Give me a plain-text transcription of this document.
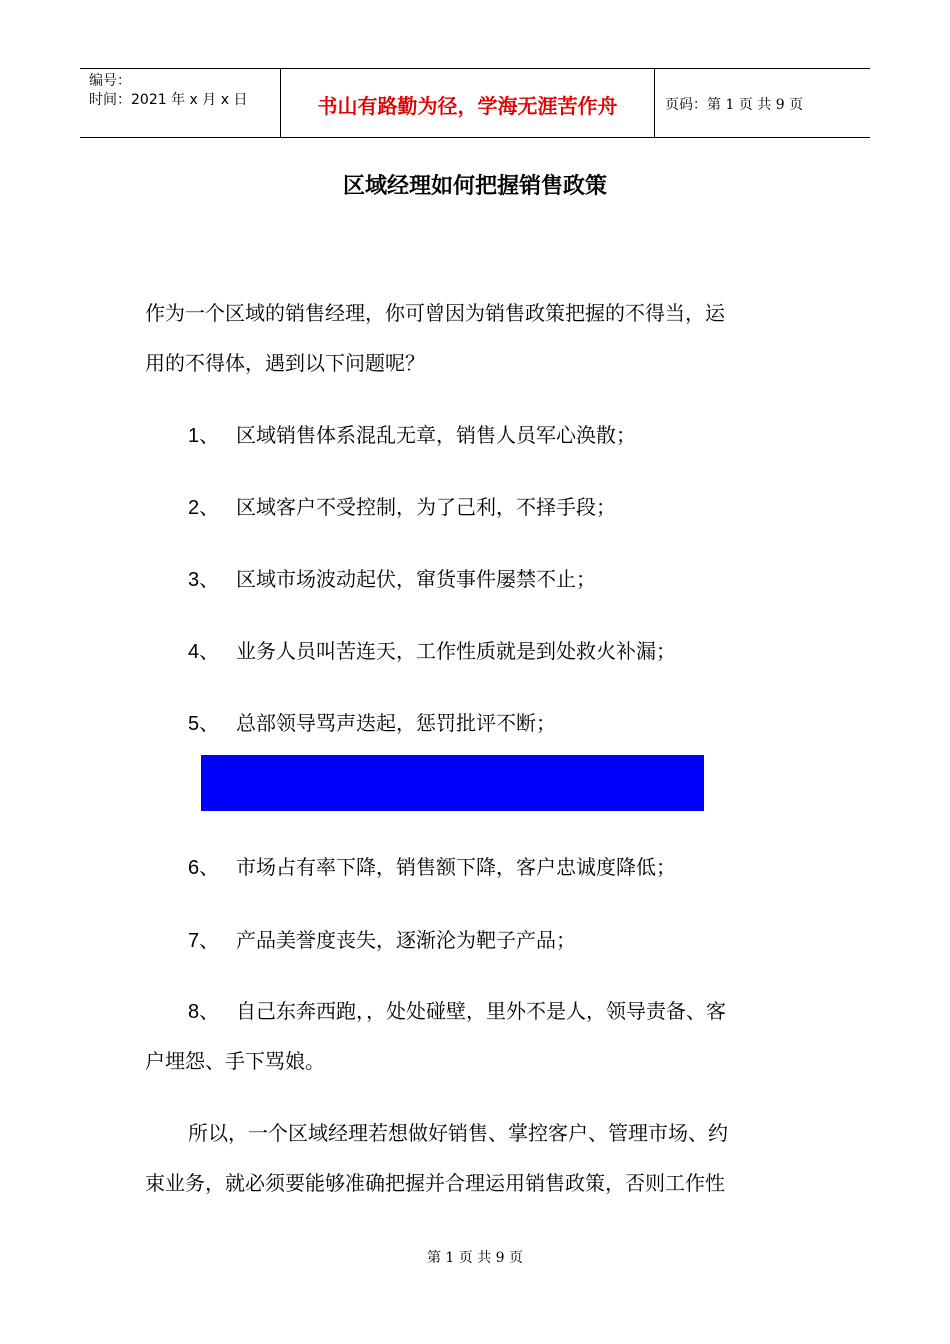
编号：
时间：2021 年 x 月 x 日	书山有路勤为径，学海无涯苦作舟	页码：第 1 页 共 9 页
区域经理如何把握销售政策
作为一个区域的销售经理，你可曾因为销售政策把握的不得当，运
用的不得体，遇到以下问题呢？
1、 区域销售体系混乱无章，销售人员军心涣散；
2、 区域客户不受控制，为了己利，不择手段；
3、 区域市场波动起伏，窜货事件屡禁不止；
4、 业务人员叫苦连天，工作性质就是到处救火补漏；
5、 总部领导骂声迭起，惩罚批评不断；
6、 市场占有率下降，销售额下降，客户忠诚度降低；
7、 产品美誉度丧失，逐渐沦为靶子产品；
8、 自己东奔西跑，，处处碰壁，里外不是人，领导责备、客
户埋怨、手下骂娘。
所以，一个区域经理若想做好销售、掌控客户、管理市场、约
束业务，就必须要能够准确把握并合理运用销售政策，否则工作性
第 1 页 共 9 页
